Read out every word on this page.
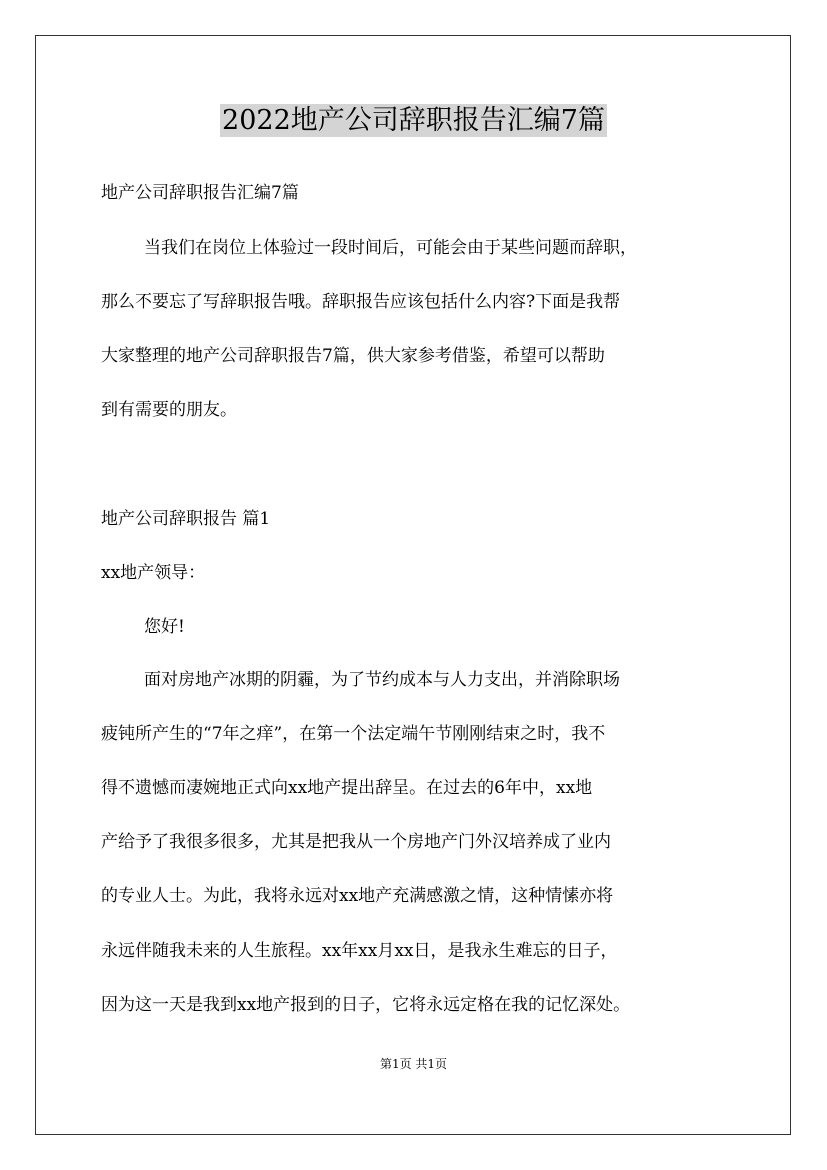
2022地产公司辞职报告汇编7篇
地产公司辞职报告汇编7篇
当我们在岗位上体验过一段时间后，可能会由于某些问题而辞职，
那么不要忘了写辞职报告哦。辞职报告应该包括什么内容?下面是我帮
大家整理的地产公司辞职报告7篇，供大家参考借鉴，希望可以帮助
到有需要的朋友。
地产公司辞职报告 篇1
xx地产领导：
您好!
面对房地产冰期的阴霾，为了节约成本与人力支出，并消除职场
疲钝所产生的“7年之痒”，在第一个法定端午节刚刚结束之时，我不
得不遗憾而凄婉地正式向xx地产提出辞呈。在过去的6年中，xx地
产给予了我很多很多，尤其是把我从一个房地产门外汉培养成了业内
的专业人士。为此，我将永远对xx地产充满感激之情，这种情愫亦将
永远伴随我未来的人生旅程。xx年xx月xx日，是我永生难忘的日子，
因为这一天是我到xx地产报到的日子，它将永远定格在我的记忆深处。
第1页 共1页
